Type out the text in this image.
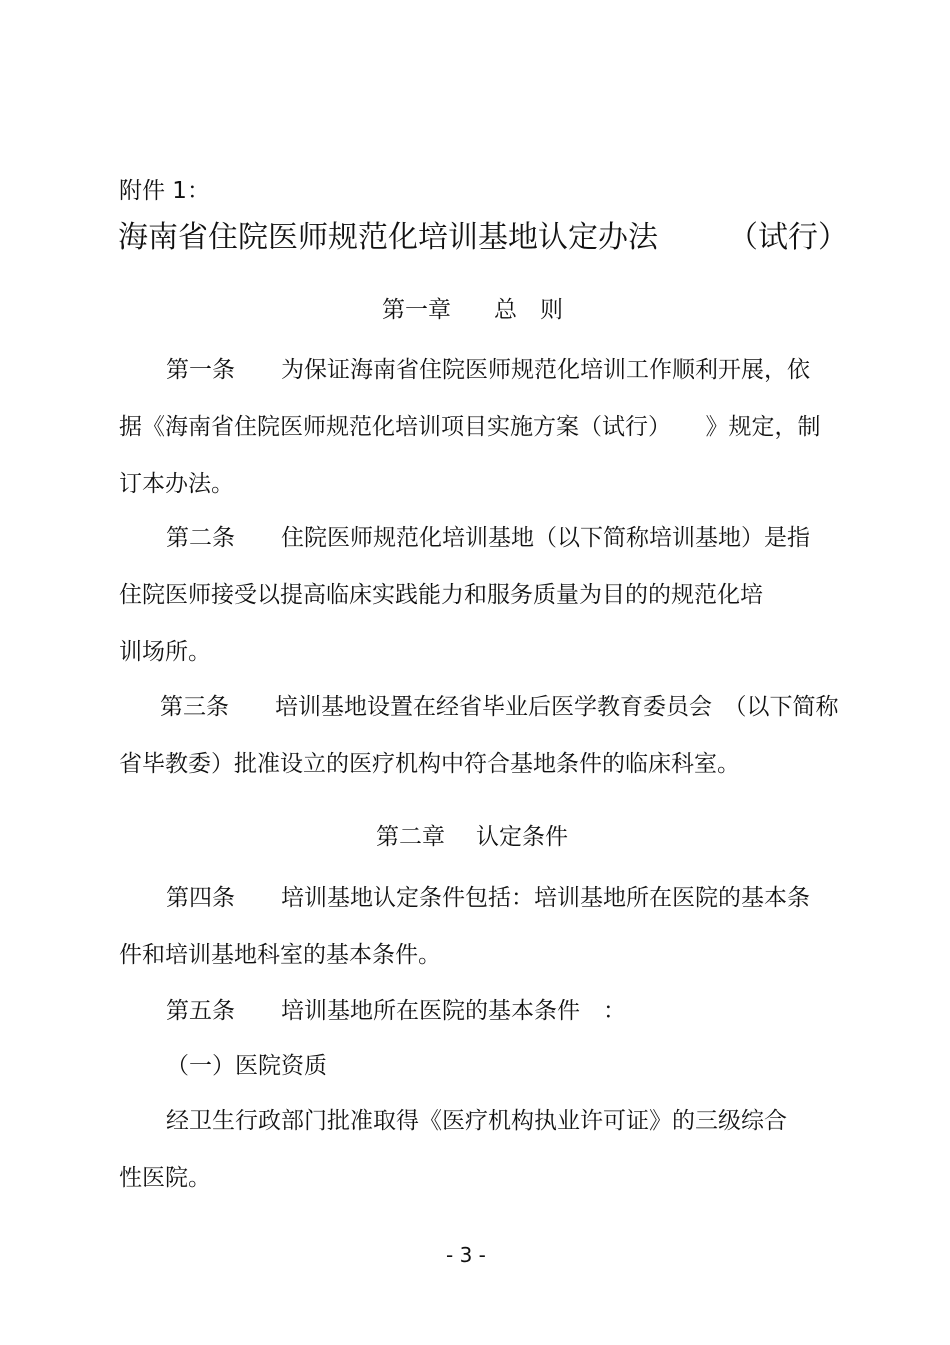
附件 1：
海南省住院医师规范化培训基地认定办法 （试行）
第一章 总　则
第一条　　为保证海南省住院医师规范化培训工作顺利开展，依
据《海南省住院医师规范化培训项目实施方案（试行）　　》规定，制
订本办法。
第二条　　住院医师规范化培训基地（以下简称培训基地）是指
住院医师接受以提高临床实践能力和服务质量为目的的规范化培
训场所。
第三条　　培训基地设置在经省毕业后医学教育委员会　（以下简称
省毕教委）批准设立的医疗机构中符合基地条件的临床科室。
第二章 认定条件
第四条　　培训基地认定条件包括：培训基地所在医院的基本条
件和培训基地科室的基本条件。
第五条　　培训基地所在医院的基本条件　：
（一）医院资质
经卫生行政部门批准取得《医疗机构执业许可证》的三级综合
性医院。
- 3 -
